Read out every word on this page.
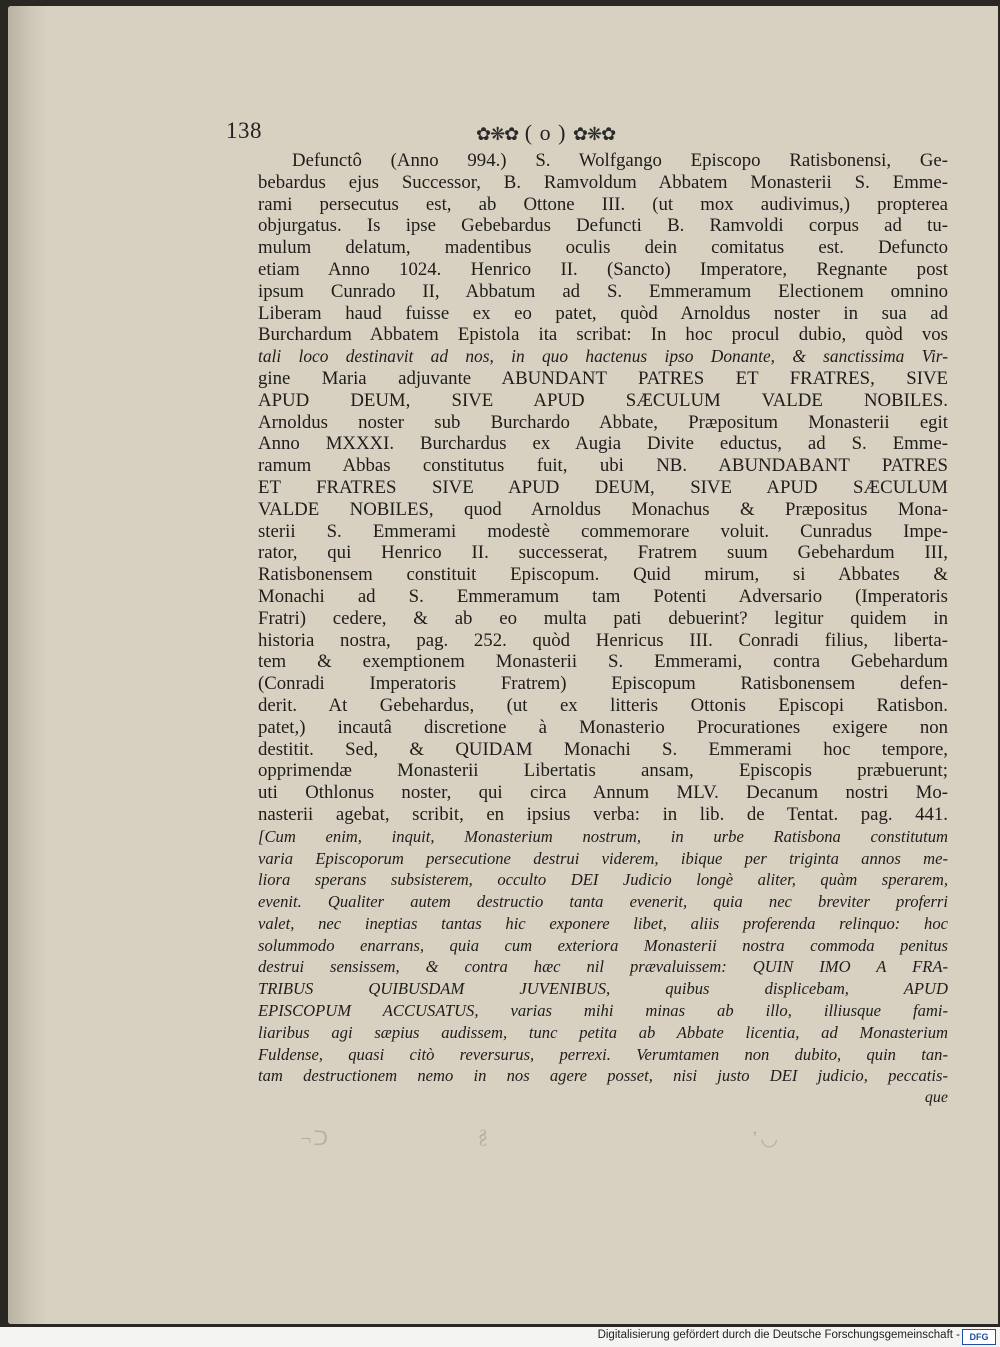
138	✿❋✿ ( o ) ✿❋✿
Defunctô (Anno 994.) S. Wolfgango Episcopo Ratisbonensi, Ge-
bebardus ejus Successor, B. Ramvoldum Abbatem Monasterii S. Emme-
rami persecutus est, ab Ottone III. (ut mox audivimus,) propterea
objurgatus. Is ipse Gebebardus Defuncti B. Ramvoldi corpus ad tu-
mulum delatum, madentibus oculis dein comitatus est. Defuncto
etiam Anno 1024. Henrico II. (Sancto) Imperatore, Regnante post
ipsum Cunrado II, Abbatum ad S. Emmeramum Electionem omnino
Liberam haud fuisse ex eo patet, quòd Arnoldus noster in sua ad
Burchardum Abbatem Epistola ita scribat: In hoc procul dubio, quòd vos
tali loco destinavit ad nos, in quo hactenus ipso Donante, & sanctissima Vir-
gine Maria adjuvante ABUNDANT PATRES ET FRATRES, SIVE
APUD DEUM, SIVE APUD SÆCULUM VALDE NOBILES.
Arnoldus noster sub Burchardo Abbate, Præpositum Monasterii egit
Anno MXXXI. Burchardus ex Augia Divite eductus, ad S. Emme-
ramum Abbas constitutus fuit, ubi NB. ABUNDABANT PATRES
ET FRATRES SIVE APUD DEUM, SIVE APUD SÆCULUM
VALDE NOBILES, quod Arnoldus Monachus & Præpositus Mona-
sterii S. Emmerami modestè commemorare voluit. Cunradus Impe-
rator, qui Henrico II. successerat, Fratrem suum Gebehardum III,
Ratisbonensem constituit Episcopum. Quid mirum, si Abbates &
Monachi ad S. Emmeramum tam Potenti Adversario (Imperatoris
Fratri) cedere, & ab eo multa pati debuerint? legitur quidem in
historia nostra, pag. 252. quòd Henricus III. Conradi filius, liberta-
tem & exemptionem Monasterii S. Emmerami, contra Gebehardum
(Conradi Imperatoris Fratrem) Episcopum Ratisbonensem defen-
derit. At Gebehardus, (ut ex litteris Ottonis Episcopi Ratisbon.
patet,) incautâ discretione à Monasterio Procurationes exigere non
destitit. Sed, & QUIDAM Monachi S. Emmerami hoc tempore,
opprimendæ Monasterii Libertatis ansam, Episcopis præbuerunt;
uti Othlonus noster, qui circa Annum MLV. Decanum nostri Mo-
nasterii agebat, scribit, en ipsius verba: in lib. de Tentat. pag. 441.
[Cum enim, inquit, Monasterium nostrum, in urbe Ratisbona constitutum
varia Episcoporum persecutione destrui viderem, ibique per triginta annos me-
liora sperans subsisterem, occulto DEI Judicio longè aliter, quàm sperarem,
evenit. Qualiter autem destructio tanta evenerit, quia nec breviter proferri
valet, nec ineptias tantas hic exponere libet, aliis proferenda relinquo: hoc
solummodo enarrans, quia cum exteriora Monasterii nostra commoda penitus
destrui sensissem, & contra hæc nil prævaluissem: QUIN IMO A FRA-
TRIBUS QUIBUSDAM JUVENIBUS, quibus displicebam, APUD
EPISCOPUM ACCUSATUS, varias mihi minas ab illo, illiusque fami-
liaribus agi sæpius audissem, tunc petita ab Abbate licentia, ad Monasterium
Fuldense, quasi citò reversurus, perrexi. Verumtamen non dubito, quin tan-
tam destructionem nemo in nos agere posset, nisi justo DEI judicio, peccatis-
que
◡ʼ
§
ᑕ⌐
Digitalisierung gefördert durch die Deutsche Forschungsgemeinschaft -	DFG
